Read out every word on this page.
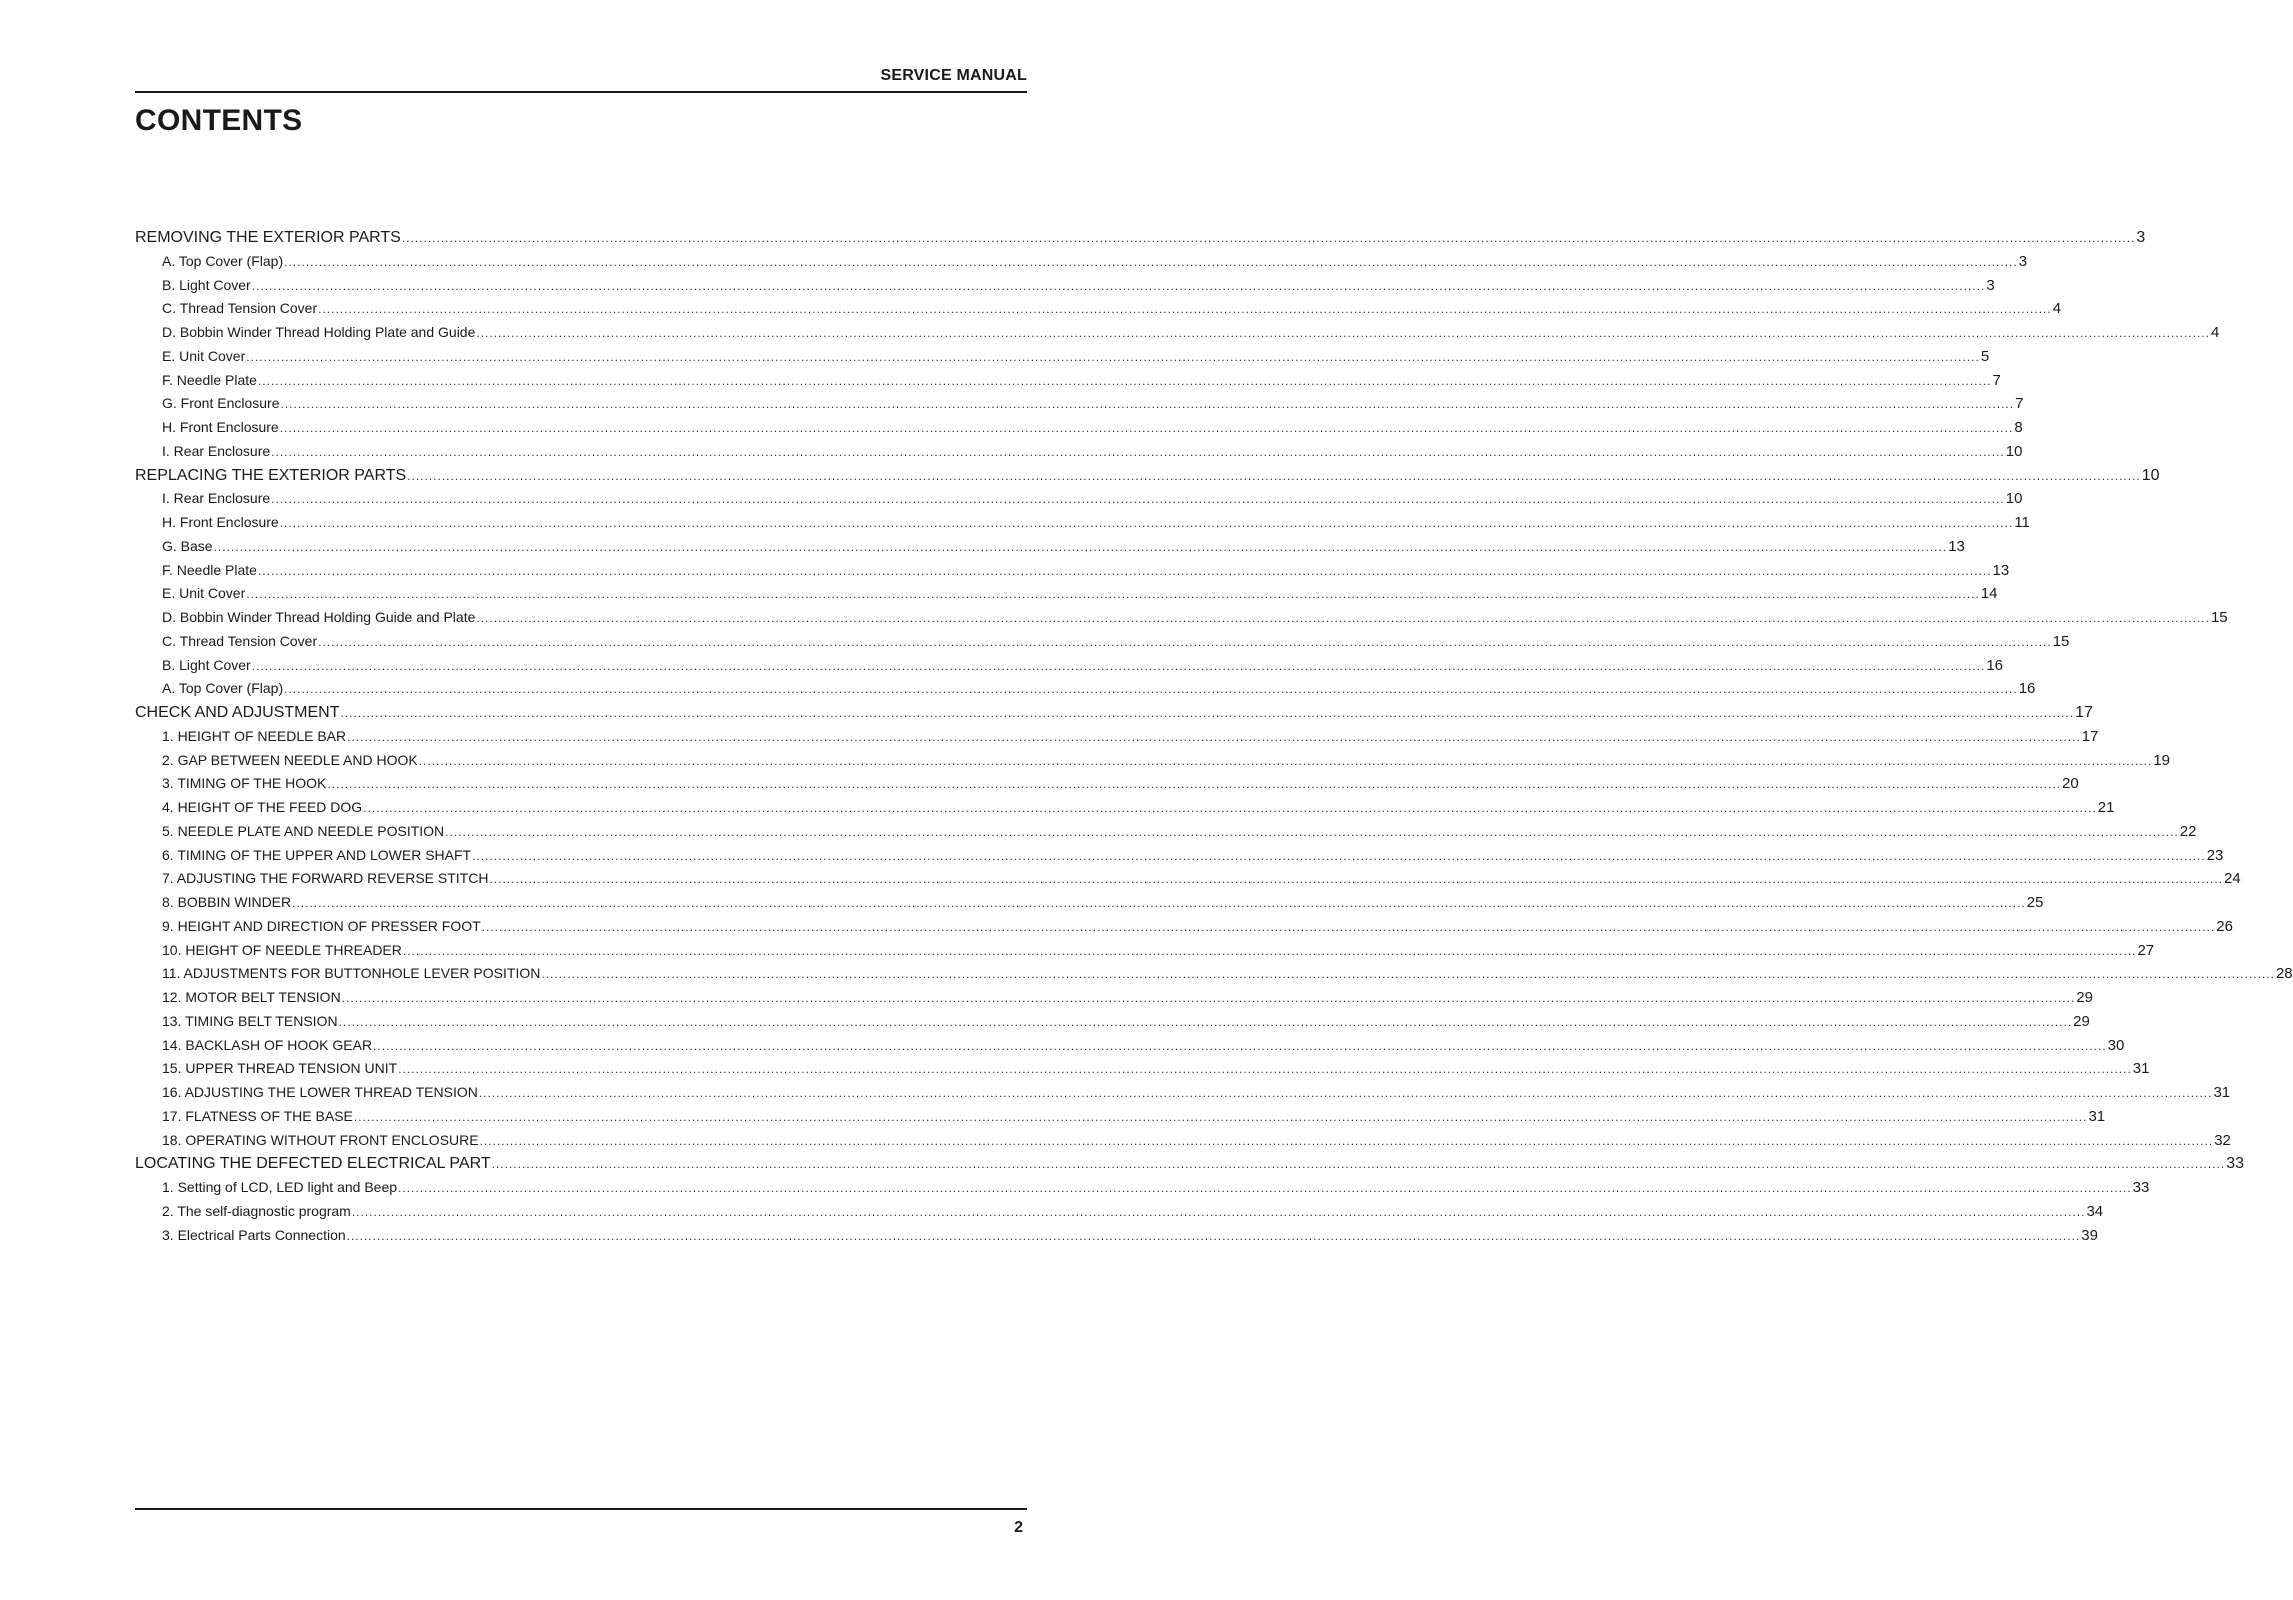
SERVICE MANUAL
CONTENTS
REMOVING THE EXTERIOR PARTS ................................................................................................................................................................................................................................................................................................................................................................................................................ 3
A. Top Cover (Flap) ................................................................................................................................................................................................................................................................................................................................................................................................................ 3
B. Light Cover ................................................................................................................................................................................................................................................................................................................................................................................................................ 3
C. Thread Tension Cover ................................................................................................................................................................................................................................................................................................................................................................................................................ 4
D. Bobbin Winder Thread Holding Plate and Guide ................................................................................................................................................................................................................................................................................................................................................................................................................ 4
E. Unit Cover ................................................................................................................................................................................................................................................................................................................................................................................................................ 5
F. Needle Plate ................................................................................................................................................................................................................................................................................................................................................................................................................ 7
G. Front Enclosure ................................................................................................................................................................................................................................................................................................................................................................................................................ 7
H. Front Enclosure ................................................................................................................................................................................................................................................................................................................................................................................................................ 8
I. Rear Enclosure ................................................................................................................................................................................................................................................................................................................................................................................................................ 10
REPLACING THE EXTERIOR PARTS ................................................................................................................................................................................................................................................................................................................................................................................................................ 10
I. Rear Enclosure ................................................................................................................................................................................................................................................................................................................................................................................................................ 10
H. Front Enclosure ................................................................................................................................................................................................................................................................................................................................................................................................................ 11
G. Base ................................................................................................................................................................................................................................................................................................................................................................................................................ 13
F. Needle Plate ................................................................................................................................................................................................................................................................................................................................................................................................................ 13
E. Unit Cover ................................................................................................................................................................................................................................................................................................................................................................................................................ 14
D. Bobbin Winder Thread Holding Guide and Plate ................................................................................................................................................................................................................................................................................................................................................................................................................ 15
C. Thread Tension Cover ................................................................................................................................................................................................................................................................................................................................................................................................................ 15
B. Light Cover ................................................................................................................................................................................................................................................................................................................................................................................................................ 16
A. Top Cover (Flap) ................................................................................................................................................................................................................................................................................................................................................................................................................ 16
CHECK AND ADJUSTMENT ................................................................................................................................................................................................................................................................................................................................................................................................................ 17
1. HEIGHT OF NEEDLE BAR ................................................................................................................................................................................................................................................................................................................................................................................................................ 17
2. GAP BETWEEN NEEDLE AND HOOK ................................................................................................................................................................................................................................................................................................................................................................................................................ 19
3. TIMING OF THE HOOK ................................................................................................................................................................................................................................................................................................................................................................................................................ 20
4. HEIGHT OF THE FEED DOG ................................................................................................................................................................................................................................................................................................................................................................................................................ 21
5. NEEDLE PLATE AND NEEDLE POSITION ................................................................................................................................................................................................................................................................................................................................................................................................................ 22
6. TIMING OF THE UPPER AND LOWER SHAFT ................................................................................................................................................................................................................................................................................................................................................................................................................ 23
7. ADJUSTING THE FORWARD REVERSE STITCH ................................................................................................................................................................................................................................................................................................................................................................................................................ 24
8. BOBBIN WINDER ................................................................................................................................................................................................................................................................................................................................................................................................................ 25
9. HEIGHT AND DIRECTION OF PRESSER FOOT ................................................................................................................................................................................................................................................................................................................................................................................................................ 26
10. HEIGHT OF NEEDLE THREADER ................................................................................................................................................................................................................................................................................................................................................................................................................ 27
11. ADJUSTMENTS FOR BUTTONHOLE LEVER POSITION ................................................................................................................................................................................................................................................................................................................................................................................................................ 28
12. MOTOR BELT TENSION ................................................................................................................................................................................................................................................................................................................................................................................................................ 29
13. TIMING BELT TENSION ................................................................................................................................................................................................................................................................................................................................................................................................................ 29
14. BACKLASH OF HOOK GEAR ................................................................................................................................................................................................................................................................................................................................................................................................................ 30
15. UPPER THREAD TENSION UNIT ................................................................................................................................................................................................................................................................................................................................................................................................................ 31
16. ADJUSTING THE LOWER THREAD TENSION ................................................................................................................................................................................................................................................................................................................................................................................................................ 31
17. FLATNESS OF THE BASE ................................................................................................................................................................................................................................................................................................................................................................................................................ 31
18. OPERATING WITHOUT FRONT ENCLOSURE ................................................................................................................................................................................................................................................................................................................................................................................................................ 32
LOCATING THE DEFECTED ELECTRICAL PART ................................................................................................................................................................................................................................................................................................................................................................................................................ 33
1. Setting of LCD, LED light and Beep ................................................................................................................................................................................................................................................................................................................................................................................................................ 33
2. The self-diagnostic program ................................................................................................................................................................................................................................................................................................................................................................................................................ 34
3. Electrical Parts Connection ................................................................................................................................................................................................................................................................................................................................................................................................................ 39
2
